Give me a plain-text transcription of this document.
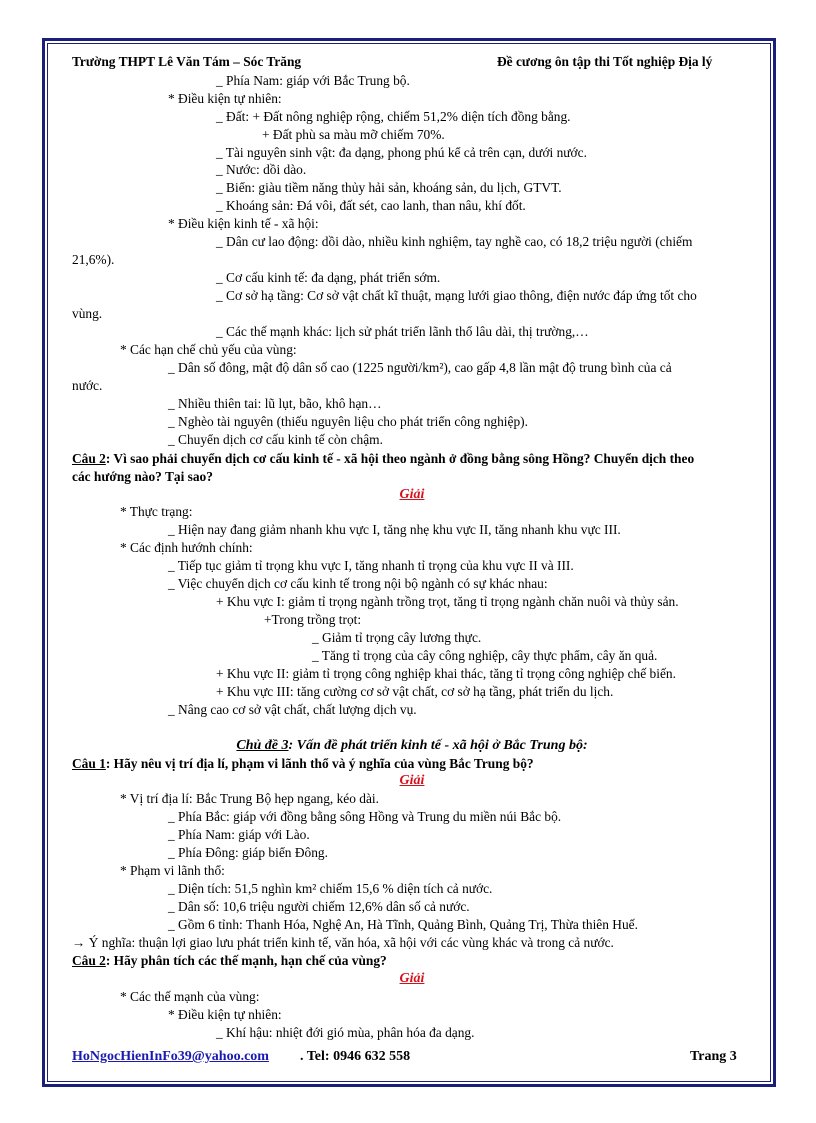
Trường THPT Lê Văn Tám – Sóc Trăng	Đề cương ôn tập thi Tốt nghiệp Địa lý
_ Phía Nam: giáp với Bắc Trung bộ.
* Điều kiện tự nhiên:
_ Đất: + Đất nông nghiệp rộng, chiếm 51,2% diện tích đồng bằng.
+ Đất phù sa màu mỡ chiếm 70%.
_ Tài nguyên sinh vật: đa dạng, phong phú kể cả trên cạn, dưới nước.
_ Nước: dồi dào.
_ Biển: giàu tiềm năng thủy hải sản, khoáng sản, du lịch, GTVT.
_ Khoáng sản: Đá vôi, đất sét, cao lanh, than nâu, khí đốt.
* Điều kiện kinh tế - xã hội:
_ Dân cư lao động: dồi dào, nhiều kinh nghiệm, tay nghề cao, có 18,2 triệu người (chiếm
21,6%).
_ Cơ cấu kinh tế: đa dạng, phát triển sớm.
_ Cơ sở hạ tầng: Cơ sở vật chất kĩ thuật, mạng lưới giao thông, điện nước đáp ứng tốt cho
vùng.
_ Các thế mạnh khác: lịch sử phát triển lãnh thổ lâu dài, thị trường,…
* Các hạn chế chủ yếu của vùng:
_ Dân số đông, mật độ dân số cao (1225 người/km²), cao gấp 4,8 lần mật độ trung bình của cả
nước.
_ Nhiều thiên tai: lũ lụt, bão, khô hạn…
_ Nghèo tài nguyên (thiếu nguyên liệu cho phát triển công nghiệp).
_ Chuyển dịch cơ cấu kinh tế còn chậm.
Câu 2: Vì sao phải chuyển dịch cơ cấu kinh tế - xã hội theo ngành ở đồng bằng sông Hồng? Chuyển dịch theo
các hướng nào? Tại sao?
Giải
* Thực trạng:
_ Hiện nay đang giảm nhanh khu vực I, tăng nhẹ khu vực II, tăng nhanh khu vực III.
* Các định hướnh chính:
_ Tiếp tục giảm tỉ trọng khu vực I, tăng nhanh tỉ trọng của khu vực II và III.
_ Việc chuyển dịch cơ cấu kinh tế trong nội bộ ngành có sự khác nhau:
+ Khu vực I: giảm tỉ trọng ngành trồng trọt, tăng tỉ trọng ngành chăn nuôi và thủy sản.
+Trong trồng trọt:
_ Giảm tỉ trọng cây lương thực.
_ Tăng tỉ trọng của cây công nghiệp, cây thực phẩm, cây ăn quả.
+ Khu vực II: giảm tỉ trọng công nghiệp khai thác, tăng tỉ trọng công nghiệp chế biến.
+ Khu vực III: tăng cường cơ sở vật chất, cơ sở hạ tầng, phát triển du lịch.
_ Nâng cao cơ sở vật chất, chất lượng dịch vụ.
Chủ đề 3: Vấn đề phát triển kinh tế - xã hội ở Bắc Trung bộ:
Câu 1: Hãy nêu vị trí địa lí, phạm vi lãnh thổ và ý nghĩa của vùng Bắc Trung bộ?
Giải
* Vị trí địa lí: Bắc Trung Bộ hẹp ngang, kéo dài.
_ Phía Bắc: giáp với đồng bằng sông Hồng và Trung du miền núi Bắc bộ.
_ Phía Nam: giáp với Lào.
_ Phía Đông: giáp biển Đông.
* Phạm vi lãnh thổ:
_ Diện tích: 51,5 nghìn km² chiếm 15,6 % diện tích cả nước.
_ Dân số: 10,6 triệu người chiếm 12,6% dân số cả nước.
_ Gồm 6 tỉnh: Thanh Hóa, Nghệ An, Hà Tĩnh, Quảng Bình, Quảng Trị, Thừa thiên Huế.
→ Ý nghĩa: thuận lợi giao lưu phát triển kinh tế, văn hóa, xã hội với các vùng khác và trong cả nước.
Câu 2: Hãy phân tích các thế mạnh, hạn chế của vùng?
Giải
* Các thế mạnh của vùng:
* Điều kiện tự nhiên:
_ Khí hậu: nhiệt đới gió mùa, phân hóa đa dạng.
HoNgocHienInFo39@yahoo.com . Tel: 0946 632 558	Trang 3
